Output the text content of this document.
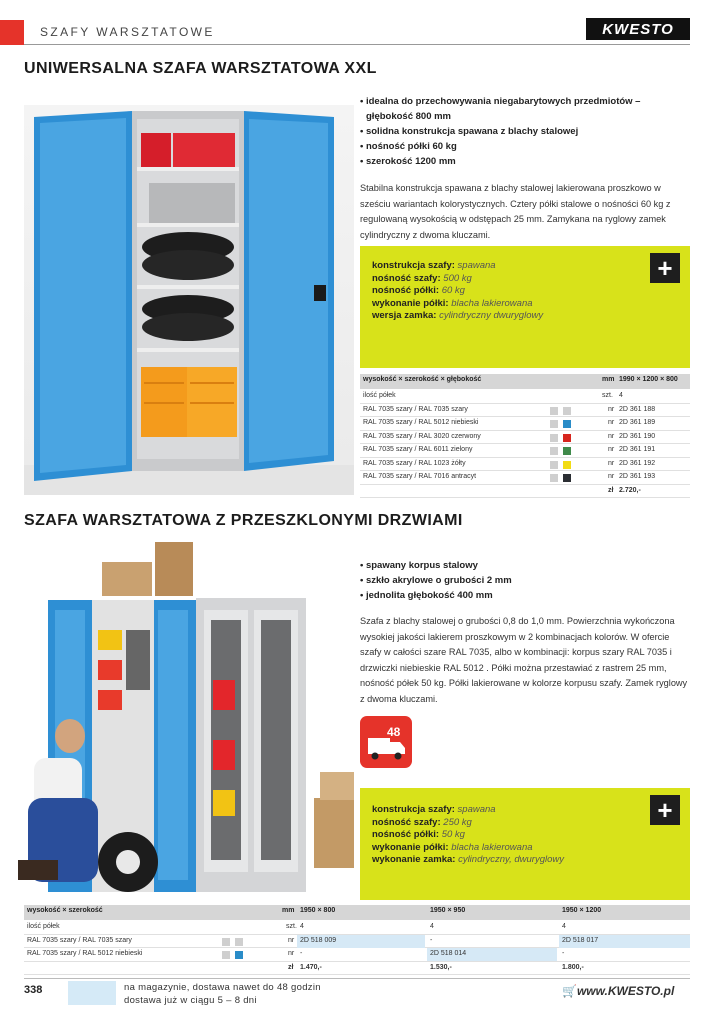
SZAFY WARSZTATOWE	KWESTO
UNIWERSALNA SZAFA WARSZTATOWA XXL
• idealna do przechowywania niegabarytowych przedmiotów – głębokość 800 mm
• solidna konstrukcja spawana z blachy stalowej
• nośność półki 60 kg
• szerokość 1200 mm
Stabilna konstrukcja spawana z blachy stalowej lakierowana proszkowo w sześciu wariantach kolorystycznych. Cztery półki stalowe o nośności 60 kg z regulowaną wysokością w odstępach 25 mm. Zamykana na ryglowy zamek cylindryczny z dwoma kluczami.
+
konstrukcja szafy: spawana
nośność szafy: 500 kg
nośność półki: 60 kg
wykonanie półki: blacha lakierowana
wersja zamka: cylindryczny dwuryglowy
wysokość × szerokość × głębokość	mm 1990 × 1200 × 800
ilość półek	szt. 4
RAL 7035 szary / RAL 7035 szary	nr 2D 361 188
RAL 7035 szary / RAL 5012 niebieski	nr 2D 361 189
RAL 7035 szary / RAL 3020 czerwony	nr 2D 361 190
RAL 7035 szary / RAL 6011 zielony	nr 2D 361 191
RAL 7035 szary / RAL 1023 żółty	nr 2D 361 192
RAL 7035 szary / RAL 7016 antracyt	nr 2D 361 193
zł 2.720,-
SZAFA WARSZTATOWA Z PRZESZKLONYMI DRZWIAMI
• spawany korpus stalowy
• szkło akrylowe o grubości 2 mm
• jednolita głębokość 400 mm
Szafa z blachy stalowej o grubości 0,8 do 1,0 mm. Powierzchnia wykończona wysokiej jakości lakierem proszkowym w 2 kombinacjach kolorów. W ofercie szafy w całości szare RAL 7035, albo w kombinacji: korpus szary RAL 7035 i drzwiczki niebieskie RAL 5012 . Półki można przestawiać z rastrem 25 mm, nośność półek 50 kg. Półki lakierowane w kolorze korpusu szafy. Zamek ryglowy z dwoma kluczami.
48
+
konstrukcja szafy: spawana
nośność szafy: 250 kg
nośność półki: 50 kg
wykonanie półki: blacha lakierowana
wykonanie zamka: cylindryczny, dwuryglowy
wysokość × szerokość	mm 1950 × 800	1950 × 950	1950 × 1200
ilość półek	szt. 4	4	4
RAL 7035 szary / RAL 7035 szary	nr 2D 518 009	-	2D 518 017
RAL 7035 szary / RAL 5012 niebieski	nr -	2D 518 014	-
zł 1.470,-	1.530,-	1.800,-
338	na magazynie, dostawa nawet do 48 godzin
dostawa już w ciągu 5 – 8 dni
🛒www.KWESTO.pl
